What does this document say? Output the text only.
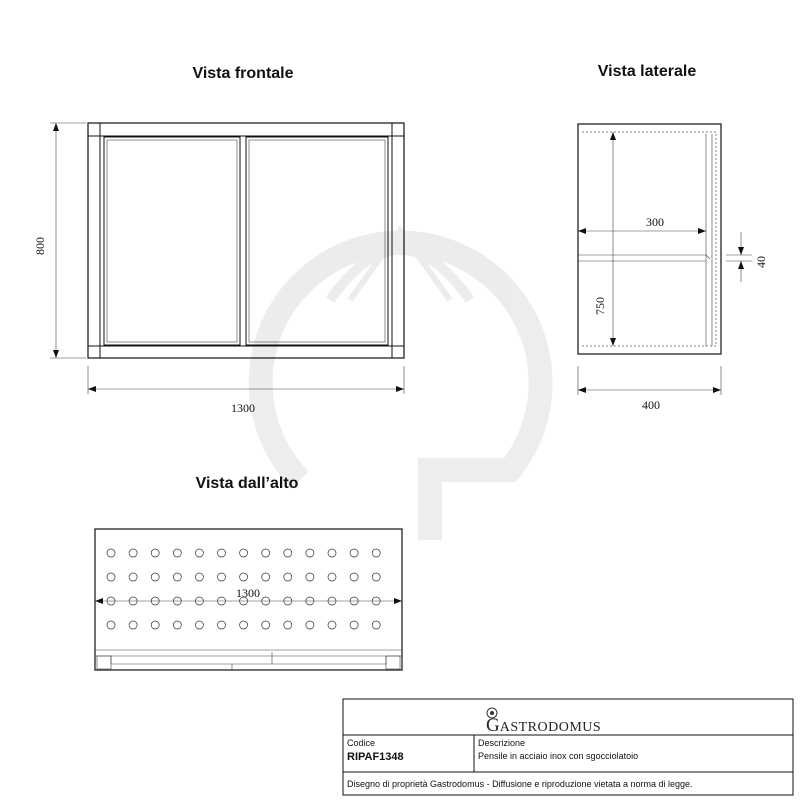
Vista frontale
800
1300
Vista laterale
300
750
40
400
Vista dall’alto
1300
GASTRODOMUS
Codice
RIPAF1348
Descrizione
Pensile in acciaio inox con sgocciolatoio
Disegno di proprietà Gastrodomus - Diffusione e riproduzione vietata a norma di legge.
